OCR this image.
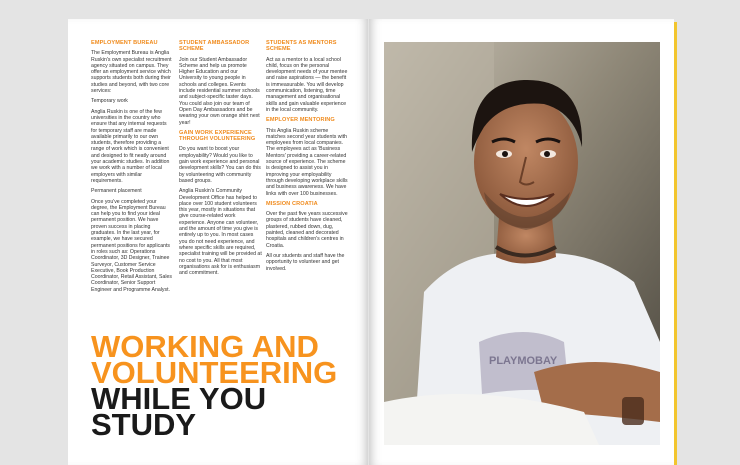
EMPLOYMENT BUREAU

The Employment Bureau is Anglia Ruskin's own specialist recruitment agency situated on campus. They offer an employment service which supports students both during their studies and beyond, with two core services:

Temporary work

Anglia Ruskin is one of the few universities in the country who ensure that any internal requests for temporary staff are made available primarily to our own students, therefore providing a range of work which is convenient and designed to fit neatly around your academic studies. In addition we work with a number of local employers with similar requirements.

Permanent placement

Once you've completed your degree, the Employment Bureau can help you to find your ideal permanent position. We have proven success in placing graduates. In the last year, for example, we have secured permanent positions for applicants in roles such as: Operations Coordinator, 3D Designer, Trainee Surveyor, Customer Service Executive, Book Production Coordinator, Retail Assistant, Sales Coordinator, Senior Support Engineer and Programme Analyst.

STUDENT AMBASSADOR SCHEME

Join our Student Ambassador Scheme and help us promote Higher Education and our University to young people in schools and colleges. Events include residential summer schools and subject-specific taster days. You could also join our team of Open Day Ambassadors and be wearing your own orange shirt next year!

GAIN WORK EXPERIENCE THROUGH VOLUNTEERING

Do you want to boost your employability? Would you like to gain work experience and personal development skills? You can do this by volunteering with community based groups.

Anglia Ruskin's Community Development Office has helped to place over 100 student volunteers this year, mostly in situations that give course-related work experience. Anyone can volunteer, and the amount of time you give is entirely up to you. In most cases you do not need experience, and where specific skills are required, specialist training will be provided at no cost to you. All that most organisations ask for is enthusiasm and commitment.

STUDENTS AS MENTORS SCHEME

Act as a mentor to a local school child, focus on the personal development needs of your mentee and raise aspirations — the benefit is immeasurable. You will develop communication, listening, time management and organisational skills and gain valuable experience in the local community.

EMPLOYER MENTORING

This Anglia Ruskin scheme matches second year students with employees from local companies. The employees act as 'Business Mentors' providing a career-related source of experience. The scheme is designed to assist you in improving your employability through developing workplace skills and business awareness. We have links with over 100 businesses.

MISSION CROATIA

Over the past five years successive groups of students have cleaned, plastered, rubbed down, dug, painted, cleaned and decorated hospitals and children's centres in Croatia.

All our students and staff have the opportunity to volunteer and get involved.

WORKING AND
VOLUNTEERING
WHILE YOU
STUDY
PLAYMOBAY
